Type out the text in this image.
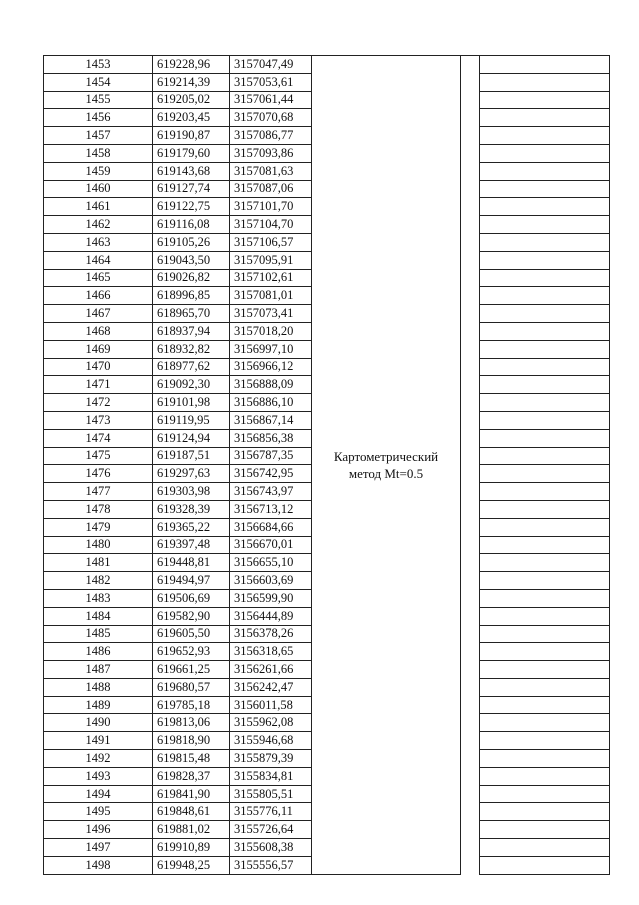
1453	619228,96	3157047,49	Картометрический
метод Mt=0.5		

1454	619214,39	3157053,61			
1455	619205,02	3157061,44			
1456	619203,45	3157070,68			
1457	619190,87	3157086,77			
1458	619179,60	3157093,86			
1459	619143,68	3157081,63			
1460	619127,74	3157087,06			
1461	619122,75	3157101,70			
1462	619116,08	3157104,70			
1463	619105,26	3157106,57			
1464	619043,50	3157095,91			
1465	619026,82	3157102,61			
1466	618996,85	3157081,01			
1467	618965,70	3157073,41			
1468	618937,94	3157018,20			
1469	618932,82	3156997,10			
1470	618977,62	3156966,12			
1471	619092,30	3156888,09			
1472	619101,98	3156886,10			
1473	619119,95	3156867,14			
1474	619124,94	3156856,38			
1475	619187,51	3156787,35			
1476	619297,63	3156742,95			
1477	619303,98	3156743,97			
1478	619328,39	3156713,12			
1479	619365,22	3156684,66			
1480	619397,48	3156670,01			
1481	619448,81	3156655,10			
1482	619494,97	3156603,69			
1483	619506,69	3156599,90			
1484	619582,90	3156444,89			
1485	619605,50	3156378,26			
1486	619652,93	3156318,65			
1487	619661,25	3156261,66			
1488	619680,57	3156242,47			
1489	619785,18	3156011,58			
1490	619813,06	3155962,08			
1491	619818,90	3155946,68			
1492	619815,48	3155879,39			
1493	619828,37	3155834,81			
1494	619841,90	3155805,51			
1495	619848,61	3155776,11			
1496	619881,02	3155726,64			
1497	619910,89	3155608,38			
1498	619948,25	3155556,57			
